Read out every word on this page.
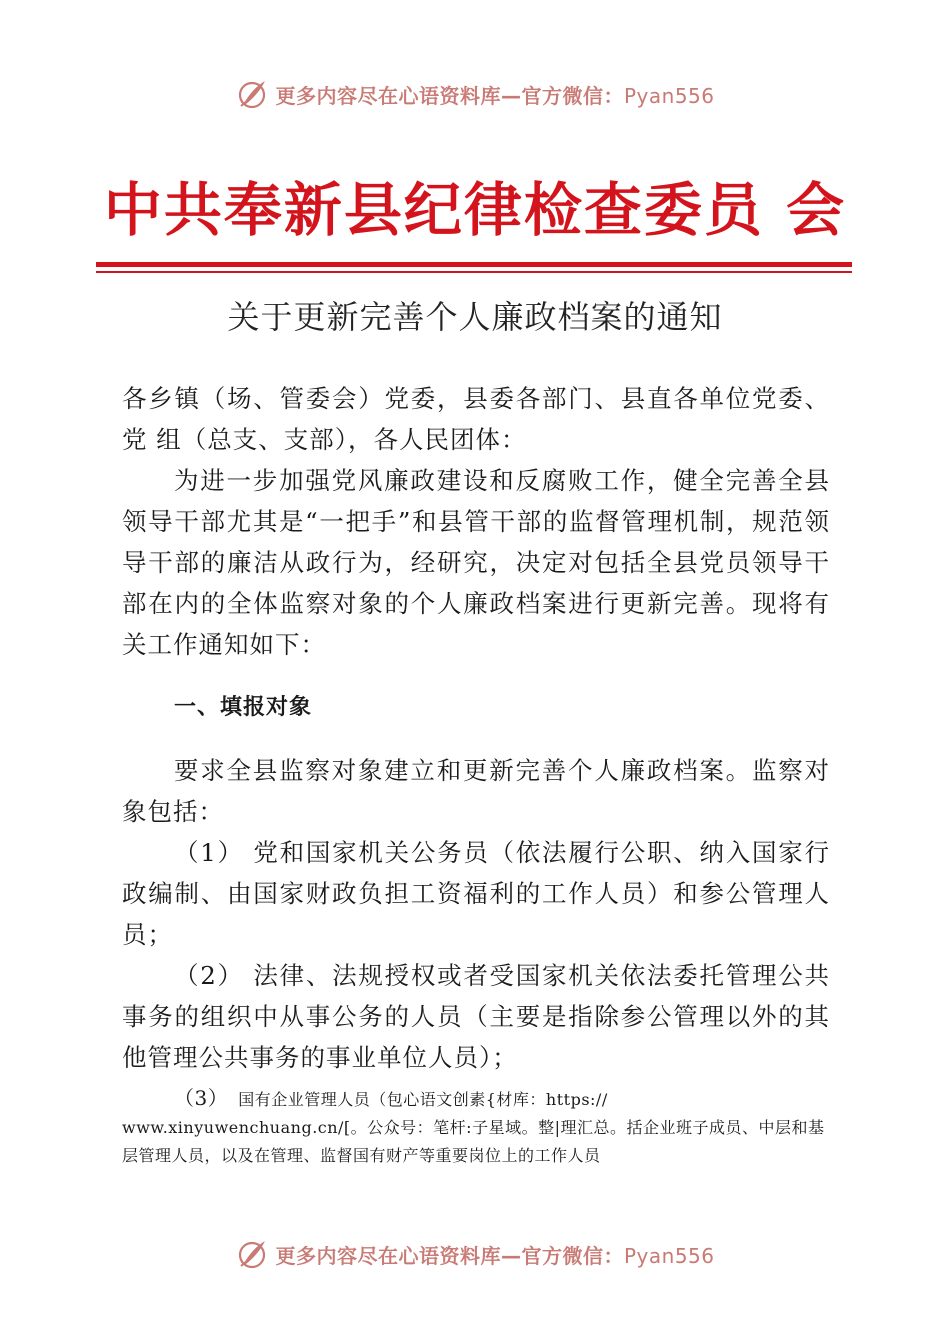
更多内容尽在心语资料库—官方微信：Pyan556
中共奉新县纪律检查委员 会
关于更新完善个人廉政档案的通知

各乡镇（场、管委会）党委，县委各部门、县直各单位党委、党 组（总支、支部），各人民团体：

为进一步加强党风廉政建设和反腐败工作，健全完善全县领导干部尤其是“一把手”和县管干部的监督管理机制，规范领导干部的廉洁从政行为，经研究，决定对包括全县党员领导干部在内的全体监察对象的个人廉政档案进行更新完善。现将有关工作通知如下：

一、填报对象

要求全县监察对象建立和更新完善个人廉政档案。监察对象包括：

（1） 党和国家机关公务员（依法履行公职、纳入国家行政编制、由国家财政负担工资福利的工作人员）和参公管理人员；

（2） 法律、法规授权或者受国家机关依法委托管理公共事务的组织中从事公务的人员（主要是指除参公管理以外的其他管理公共事务的事业单位人员）；

（3） 国有企业管理人员（包心语文创素{材库：https:// www.xinyuwenchuang.cn/[。公众号：笔杆:子星域。整|理汇总。括企业班子成员、中层和基层管理人员，以及在管理、监督国有财产等重要岗位上的工作人员

更多内容尽在心语资料库—官方微信：Pyan556
